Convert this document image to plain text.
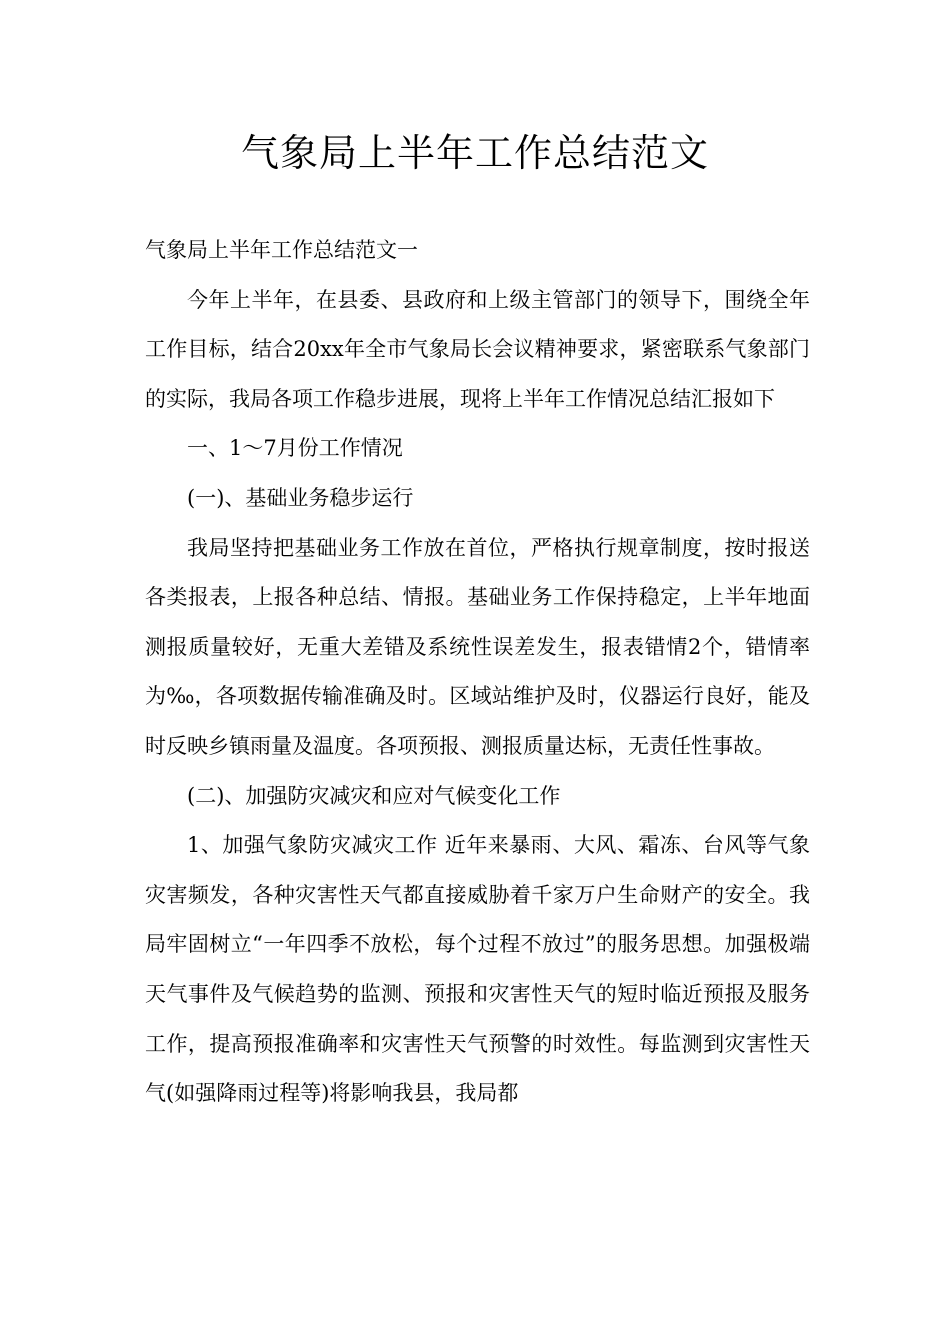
气象局上半年工作总结范文

气象局上半年工作总结范文一

今年上半年，在县委、县政府和上级主管部门的领导下，围绕全年工作目标，结合20xx年全市气象局长会议精神要求，紧密联系气象部门的实际，我局各项工作稳步进展，现将上半年工作情况总结汇报如下

一、1～7月份工作情况

(一)、基础业务稳步运行

我局坚持把基础业务工作放在首位，严格执行规章制度，按时报送各类报表，上报各种总结、情报。基础业务工作保持稳定，上半年地面测报质量较好，无重大差错及系统性误差发生，报表错情2个，错情率为‰，各项数据传输准确及时。区域站维护及时，仪器运行良好，能及时反映乡镇雨量及温度。各项预报、测报质量达标，无责任性事故。

(二)、加强防灾减灾和应对气候变化工作

1、加强气象防灾减灾工作 近年来暴雨、大风、霜冻、台风等气象灾害频发，各种灾害性天气都直接威胁着千家万户生命财产的安全。我局牢固树立“一年四季不放松，每个过程不放过”的服务思想。加强极端天气事件及气候趋势的监测、预报和灾害性天气的短时临近预报及服务工作，提高预报准确率和灾害性天气预警的时效性。每监测到灾害性天气(如强降雨过程等)将影响我县，我局都
